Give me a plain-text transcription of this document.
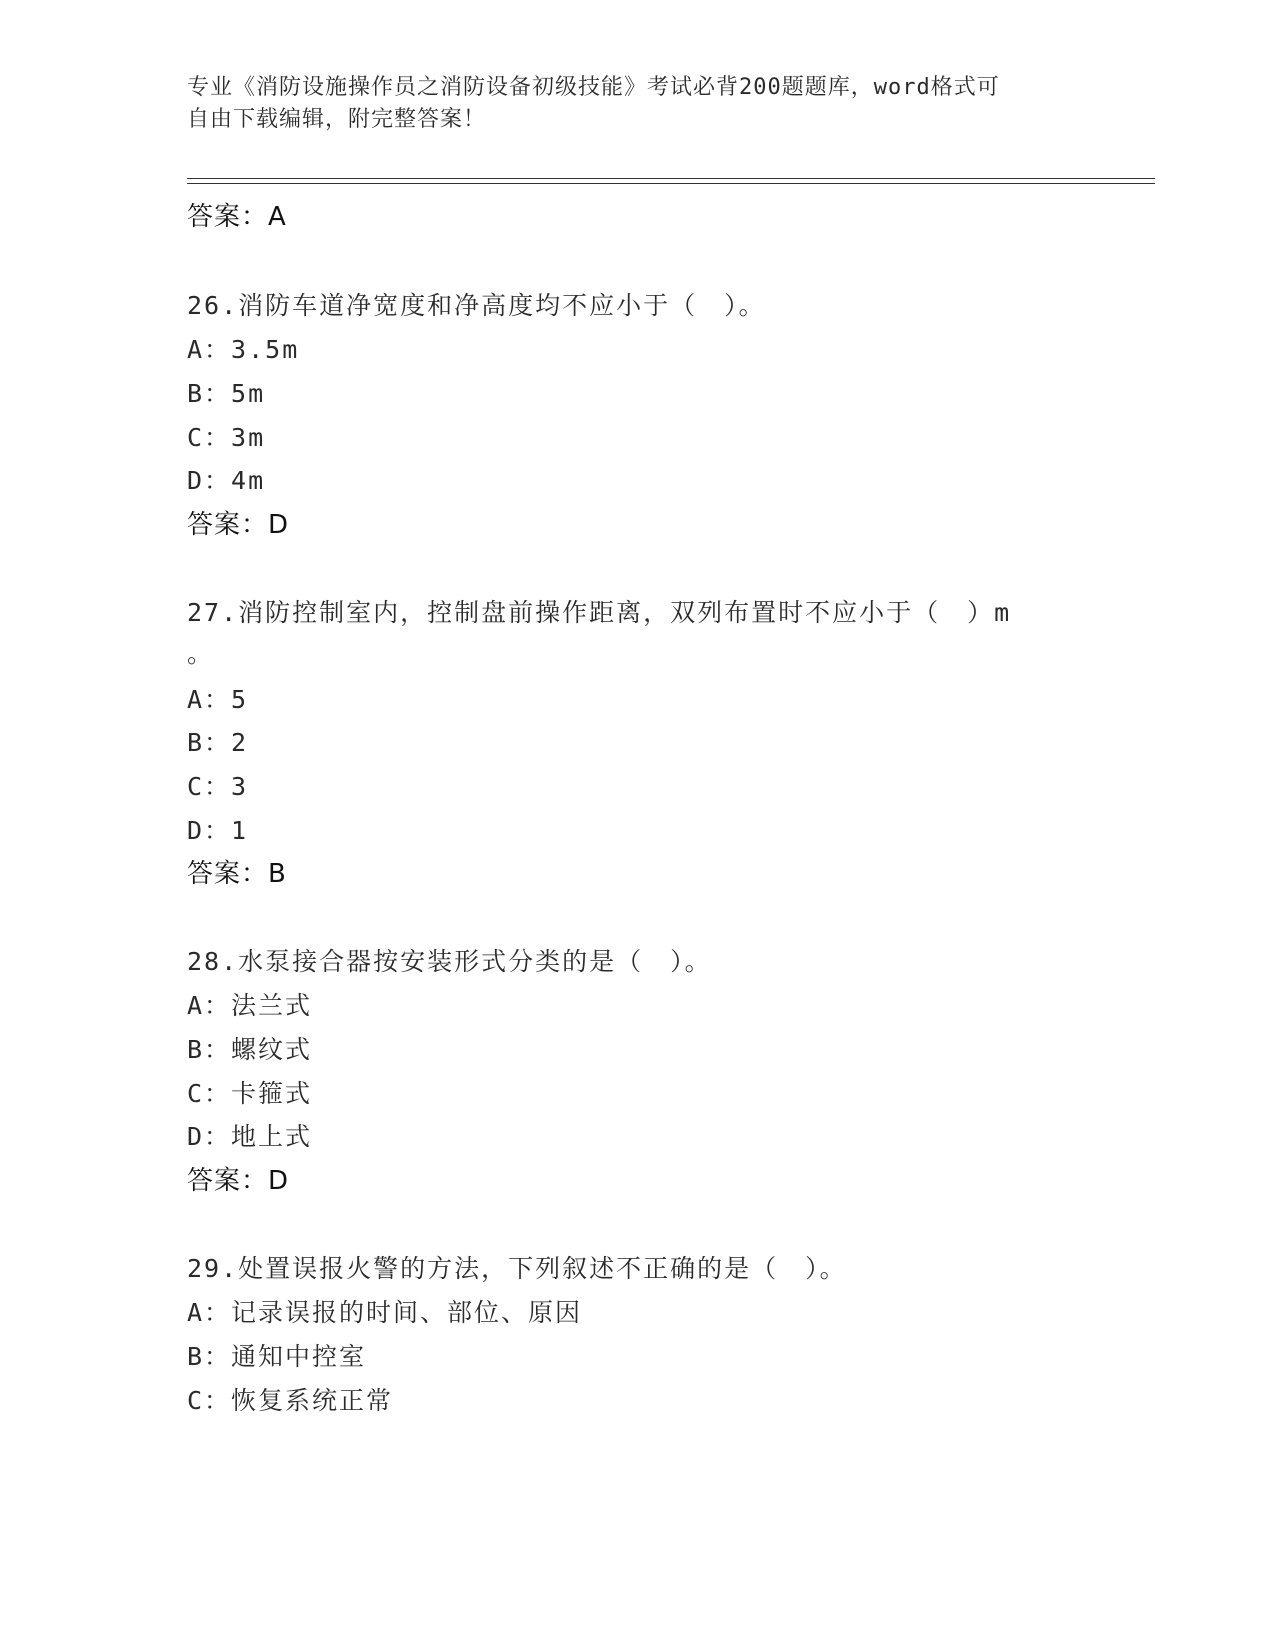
专业《消防设施操作员之消防设备初级技能》考试必背200题题库，word格式可
自由下载编辑，附完整答案！
答案：A
26.消防车道净宽度和净高度均不应小于（　）。
A：3.5m
B：5m
C：3m
D：4m
答案：D
27.消防控制室内，控制盘前操作距离，双列布置时不应小于（　）m
。
A：5
B：2
C：3
D：1
答案：B
28.水泵接合器按安装形式分类的是（　）。
A：法兰式
B：螺纹式
C：卡箍式
D：地上式
答案：D
29.处置误报火警的方法，下列叙述不正确的是（　）。
A：记录误报的时间、部位、原因
B：通知中控室
C：恢复系统正常
